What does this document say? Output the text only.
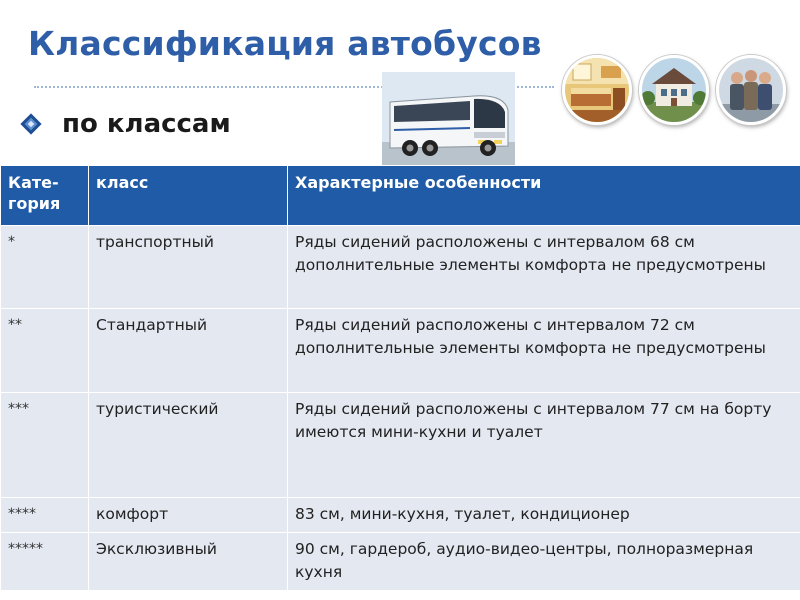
Классификация автобусов
по классам
Кате-гория	класс	Характерные особенности
*	транспортный	Ряды сидений расположены с интервалом 68 см дополнительные элементы комфорта не предусмотрены
**	Стандартный	Ряды сидений расположены с интервалом 72 см дополнительные элементы комфорта не предусмотрены
***	туристический	Ряды сидений расположены с интервалом 77 см на борту имеются мини-кухни и туалет
****	комфорт	83 см, мини-кухня, туалет, кондиционер
*****	Эксклюзивный	90 см, гардероб, аудио-видео-центры, полноразмерная кухня
